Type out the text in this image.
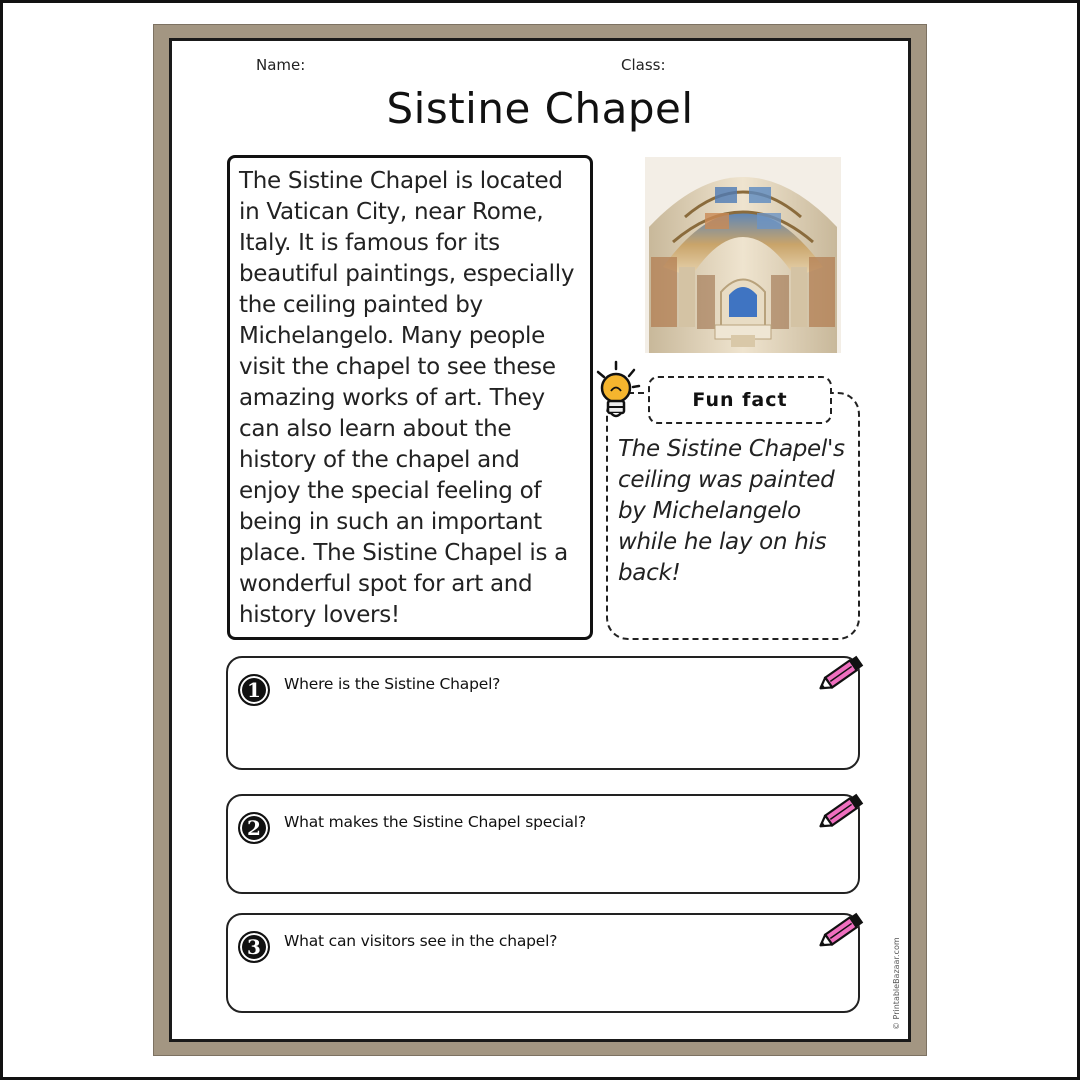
Name:	Class:
Sistine Chapel

The Sistine Chapel is located in Vatican City, near Rome, Italy. It is famous for its beautiful paintings, especially the ceiling painted by Michelangelo. Many people visit the chapel to see these amazing works of art. They can also learn about the history of the chapel and enjoy the special feeling of being in such an important place. The Sistine Chapel is a wonderful spot for art and history lovers!

Fun fact

The Sistine Chapel's ceiling was painted by Michelangelo while he lay on his back!

1	Where is the Sistine Chapel?
2	What makes the Sistine Chapel special?
3	What can visitors see in the chapel?	© PrintableBazaar.com
